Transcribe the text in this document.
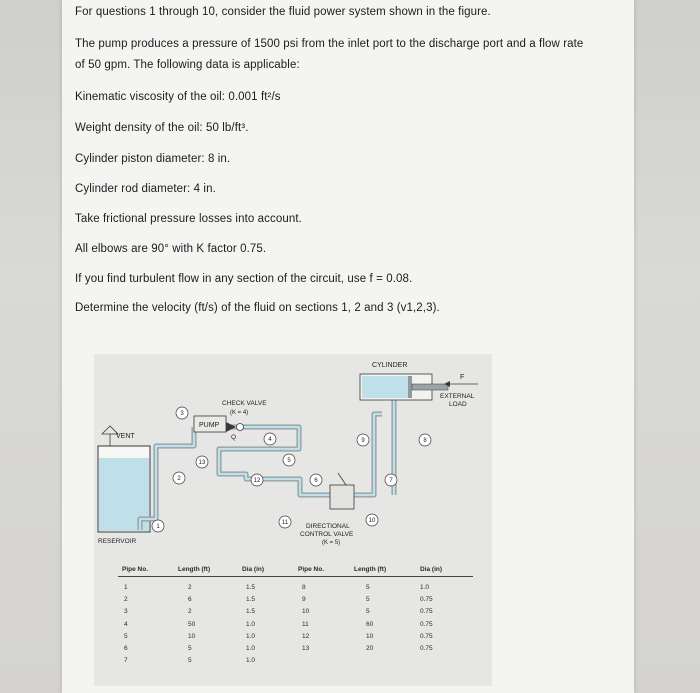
For questions 1 through 10, consider the fluid power system shown in the figure.
The pump produces a pressure of 1500 psi from the inlet port to the discharge port and a flow rate
of 50 gpm. The following data is applicable:
Kinematic viscosity of the oil: 0.001 ft²/s
Weight density of the oil: 50 lb/ft³.
Cylinder piston diameter: 8 in.
Cylinder rod diameter: 4 in.
Take frictional pressure losses into account.
All elbows are 90° with K factor 0.75.
If you find turbulent flow in any section of the circuit, use f = 0.08.
Determine the velocity (ft/s) of the fluid on sections 1, 2 and 3 (v1,2,3).
VENT
RESERVOIR
PUMP
CHECK VALVE
(K = 4)
Q
DIRECTIONAL
CONTROL VALVE
(K = 5)
CYLINDER
F
EXTERNAL
LOAD
1
2
3
4
5
6	7
8
9
10
11
12
13
Pipe No.	Length (ft)	Dia (in)	Pipe No.	Length (ft)	Dia (in)
1	2	1.5
2	6	1.5
3	2	1.5
4	50	1.0
5	10	1.0
6	5	1.0
7	5	1.0
8	5	1.0
9	5	0.75
10	5	0.75
11	60	0.75
12	10	0.75
13	20	0.75
